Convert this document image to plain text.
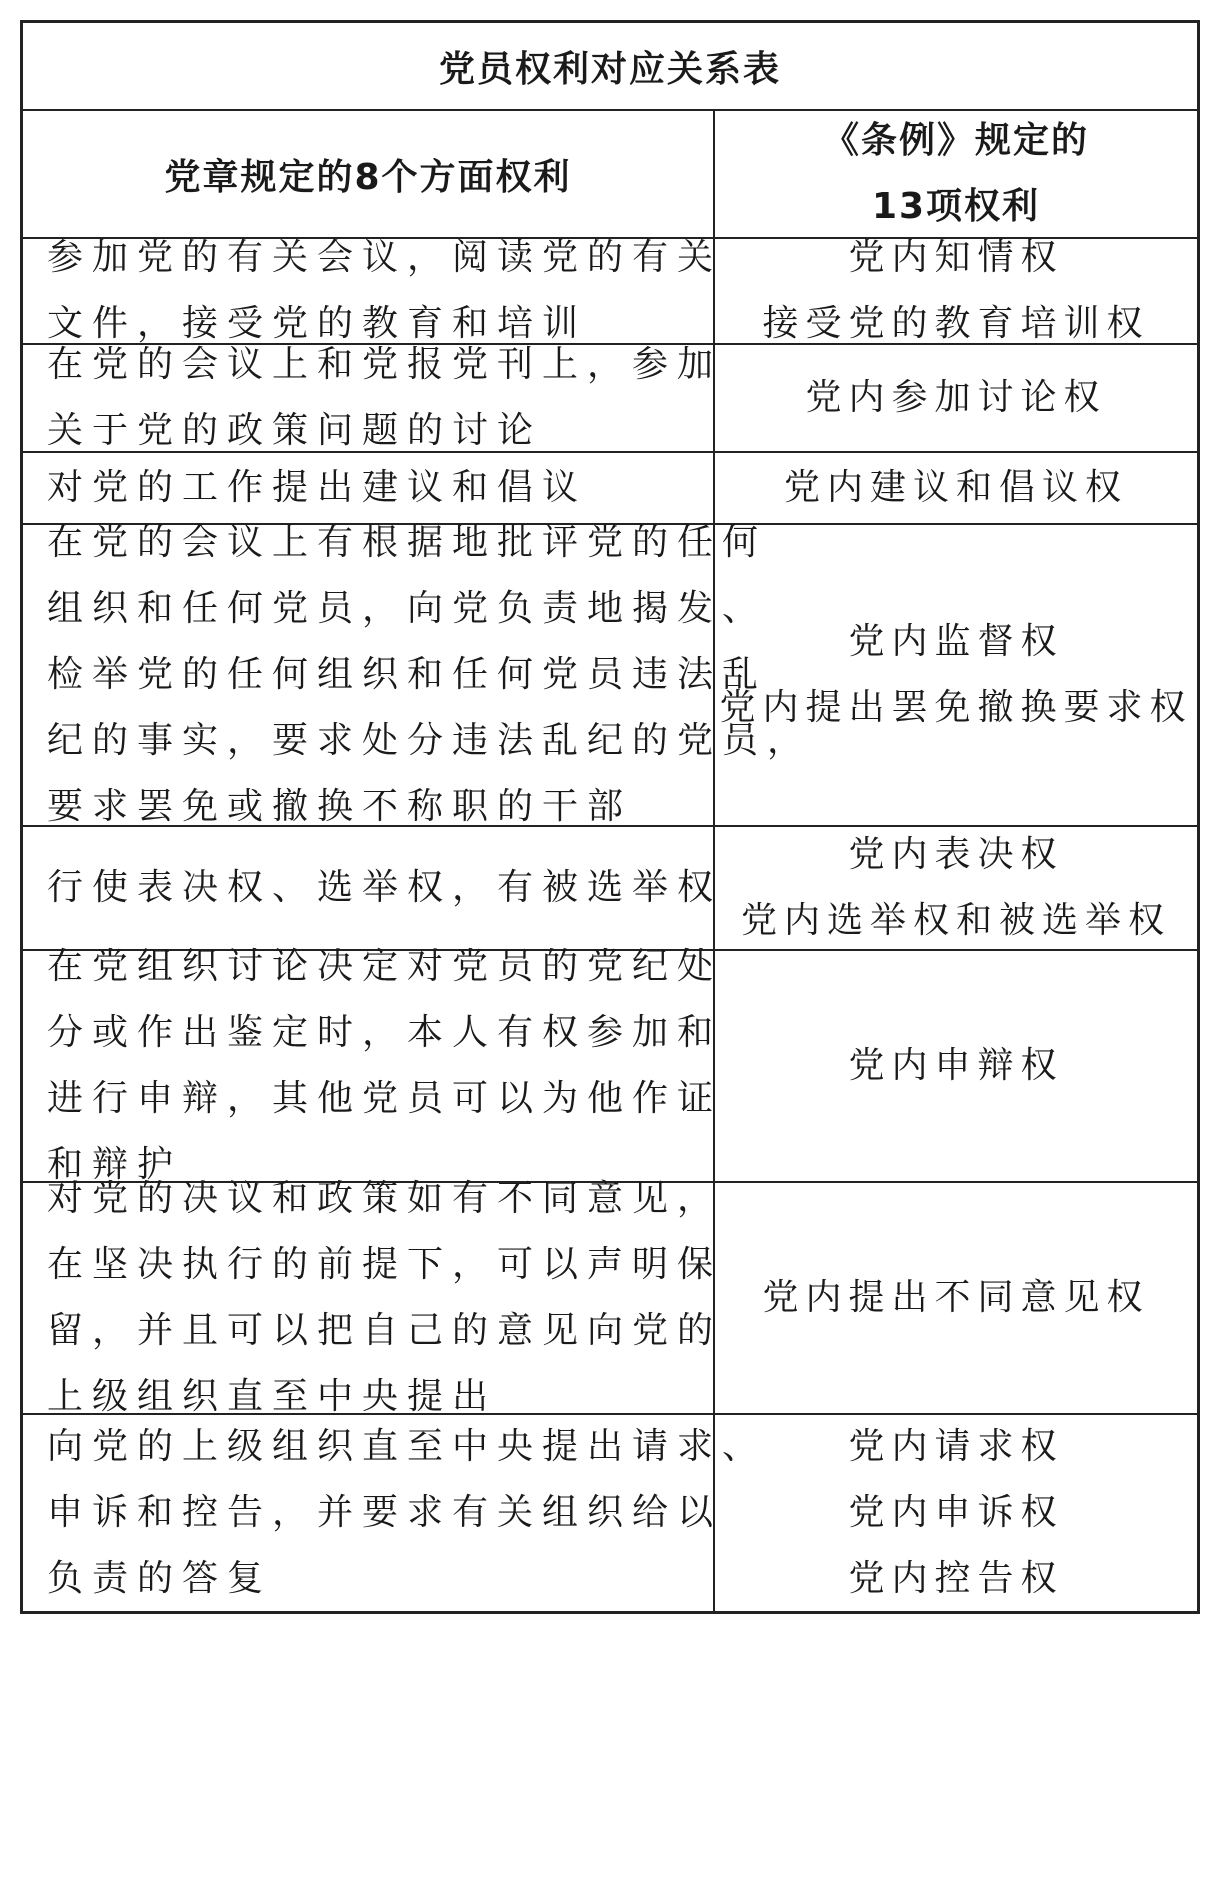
党员权利对应关系表
党章规定的8个方面权利
《条例》规定的
13项权利
参加党的有关会议，阅读党的有关
文件，接受党的教育和培训
党内知情权
接受党的教育培训权
在党的会议上和党报党刊上，参加
关于党的政策问题的讨论
党内参加讨论权
对党的工作提出建议和倡议	党内建议和倡议权
在党的会议上有根据地批评党的任何
组织和任何党员，向党负责地揭发、
检举党的任何组织和任何党员违法乱
纪的事实，要求处分违法乱纪的党员，
要求罢免或撤换不称职的干部
党内监督权
党内提出罢免撤换要求权
行使表决权、选举权，有被选举权
党内表决权
党内选举权和被选举权
在党组织讨论决定对党员的党纪处
分或作出鉴定时，本人有权参加和
进行申辩，其他党员可以为他作证
和辩护
党内申辩权
对党的决议和政策如有不同意见，
在坚决执行的前提下，可以声明保
留，并且可以把自己的意见向党的
上级组织直至中央提出
党内提出不同意见权
向党的上级组织直至中央提出请求、
申诉和控告，并要求有关组织给以
负责的答复
党内请求权
党内申诉权
党内控告权
